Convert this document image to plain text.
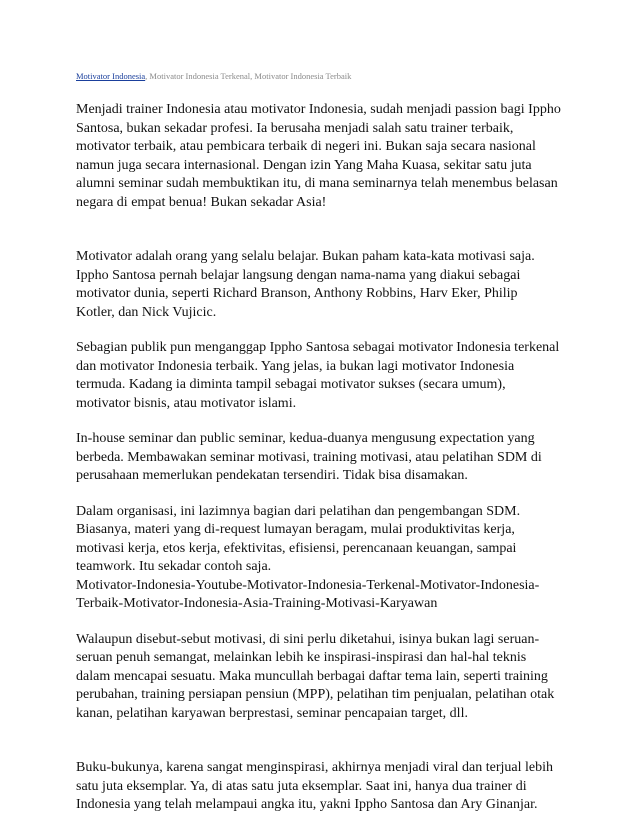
Motivator Indonesia, Motivator Indonesia Terkenal, Motivator Indonesia Terbaik
Menjadi trainer Indonesia atau motivator Indonesia, sudah menjadi passion bagi Ippho
Santosa, bukan sekadar profesi. Ia berusaha menjadi salah satu trainer terbaik,
motivator terbaik, atau pembicara terbaik di negeri ini. Bukan saja secara nasional
namun juga secara internasional. Dengan izin Yang Maha Kuasa, sekitar satu juta
alumni seminar sudah membuktikan itu, di mana seminarnya telah menembus belasan
negara di empat benua! Bukan sekadar Asia!
Motivator adalah orang yang selalu belajar. Bukan paham kata-kata motivasi saja.
Ippho Santosa pernah belajar langsung dengan nama-nama yang diakui sebagai
motivator dunia, seperti Richard Branson, Anthony Robbins, Harv Eker, Philip
Kotler, dan Nick Vujicic.
Sebagian publik pun menganggap Ippho Santosa sebagai motivator Indonesia terkenal
dan motivator Indonesia terbaik. Yang jelas, ia bukan lagi motivator Indonesia
termuda. Kadang ia diminta tampil sebagai motivator sukses (secara umum),
motivator bisnis, atau motivator islami.
In-house seminar dan public seminar, kedua-duanya mengusung expectation yang
berbeda. Membawakan seminar motivasi, training motivasi, atau pelatihan SDM di
perusahaan memerlukan pendekatan tersendiri. Tidak bisa disamakan.
Dalam organisasi, ini lazimnya bagian dari pelatihan dan pengembangan SDM.
Biasanya, materi yang di-request lumayan beragam, mulai produktivitas kerja,
motivasi kerja, etos kerja, efektivitas, efisiensi, perencanaan keuangan, sampai
teamwork. Itu sekadar contoh saja.
Motivator-Indonesia-Youtube-Motivator-Indonesia-Terkenal-Motivator-Indonesia-
Terbaik-Motivator-Indonesia-Asia-Training-Motivasi-Karyawan
Walaupun disebut-sebut motivasi, di sini perlu diketahui, isinya bukan lagi seruan-
seruan penuh semangat, melainkan lebih ke inspirasi-inspirasi dan hal-hal teknis
dalam mencapai sesuatu. Maka muncullah berbagai daftar tema lain, seperti training
perubahan, training persiapan pensiun (MPP), pelatihan tim penjualan, pelatihan otak
kanan, pelatihan karyawan berprestasi, seminar pencapaian target, dll.
Buku-bukunya, karena sangat menginspirasi, akhirnya menjadi viral dan terjual lebih
satu juta eksemplar. Ya, di atas satu juta eksemplar. Saat ini, hanya dua trainer di
Indonesia yang telah melampaui angka itu, yakni Ippho Santosa dan Ary Ginanjar.
